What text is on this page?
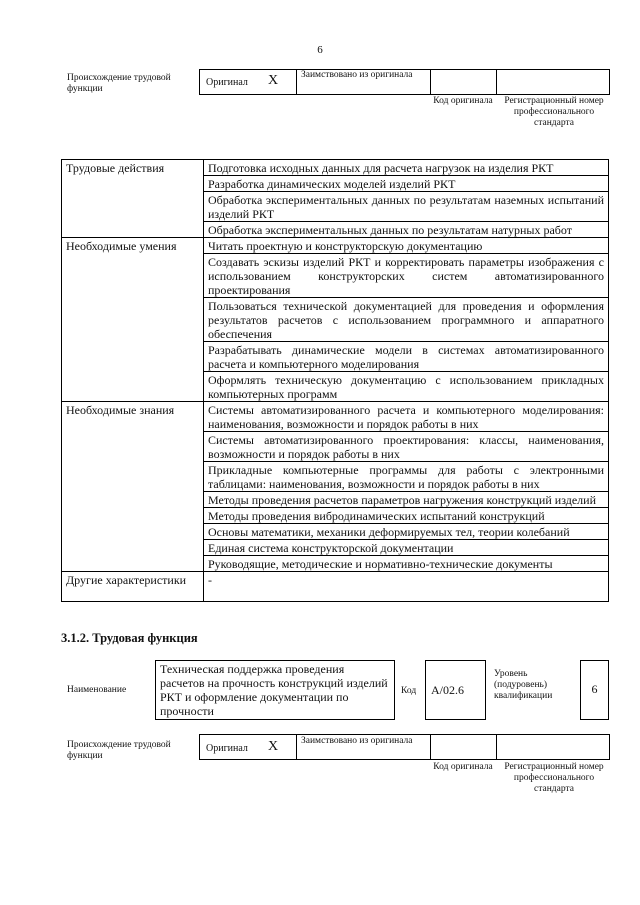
6
Происхождение трудовой функции
Оригинал X Заимствовано из оригинала
Код оригинала	Регистрационный номер профессионального стандарта
Трудовые действия	Подготовка исходных данных для расчета нагрузок на изделия РКТ
	Разработка динамических моделей изделий РКТ
	Обработка экспериментальных данных по результатам наземных испытаний изделий РКТ
	Обработка экспериментальных данных по результатам натурных работ
Необходимые умения	Читать проектную и конструкторскую документацию
	Создавать эскизы изделий РКТ и корректировать параметры изображения с использованием конструкторских систем автоматизированного проектирования
	Пользоваться технической документацией для проведения и оформления результатов расчетов с использованием программного и аппаратного обеспечения
	Разрабатывать динамические модели в системах автоматизированного расчета и компьютерного моделирования
	Оформлять техническую документацию с использованием прикладных компьютерных программ
Необходимые знания	Системы автоматизированного расчета и компьютерного моделирования: наименования, возможности и порядок работы в них
	Системы автоматизированного проектирования: классы, наименования, возможности и порядок работы в них
	Прикладные компьютерные программы для работы с электронными таблицами: наименования, возможности и порядок работы в них
	Методы проведения расчетов параметров нагружения конструкций изделий
	Методы проведения вибродинамических испытаний конструкций
	Основы математики, механики деформируемых тел, теории колебаний
	Единая система конструкторской документации
	Руководящие, методические и нормативно-технические документы
Другие характеристики	-
3.1.2. Трудовая функция
Наименование
Техническая поддержка проведения расчетов на прочность конструкций изделий РКТ и оформление документации по прочности
Код А/02.6
Уровень (подуровень) квалификации	6
Происхождение трудовой функции
Оригинал X Заимствовано из оригинала
Код оригинала	Регистрационный номер профессионального стандарта
